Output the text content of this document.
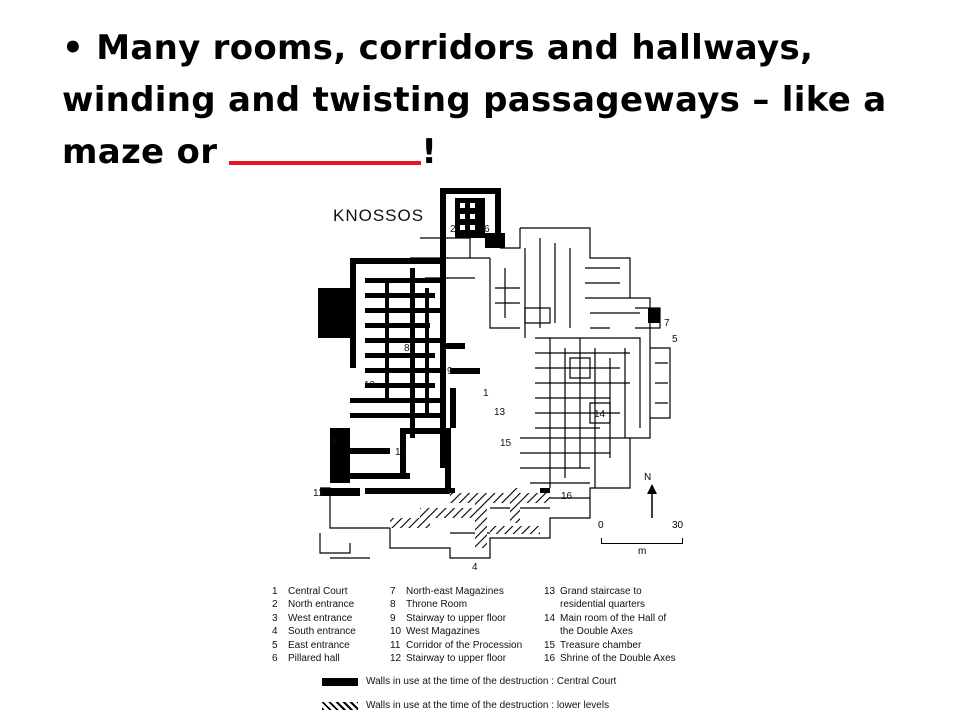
• Many rooms, corridors and hallways,
winding and twisting passageways – like a
maze or	!

KNOSSOS
1
2
3
4
5
6
7
8
9
10
11
12
13	14
15
16
N
0	30
m
1 Central Court
2 North entrance
3 West entrance
4 South entrance
5 East entrance
6 Pillared hall
7 North-east Magazines
8 Throne Room
9 Stairway to upper floor
10 West Magazines
11 Corridor of the Procession
12 Stairway to upper floor
13 Grand staircase to
residential quarters
14 Main room of the Hall of
the Double Axes
15 Treasure chamber
16 Shrine of the Double Axes
Walls in use at the time of the destruction : Central Court
Walls in use at the time of the destruction : lower levels
